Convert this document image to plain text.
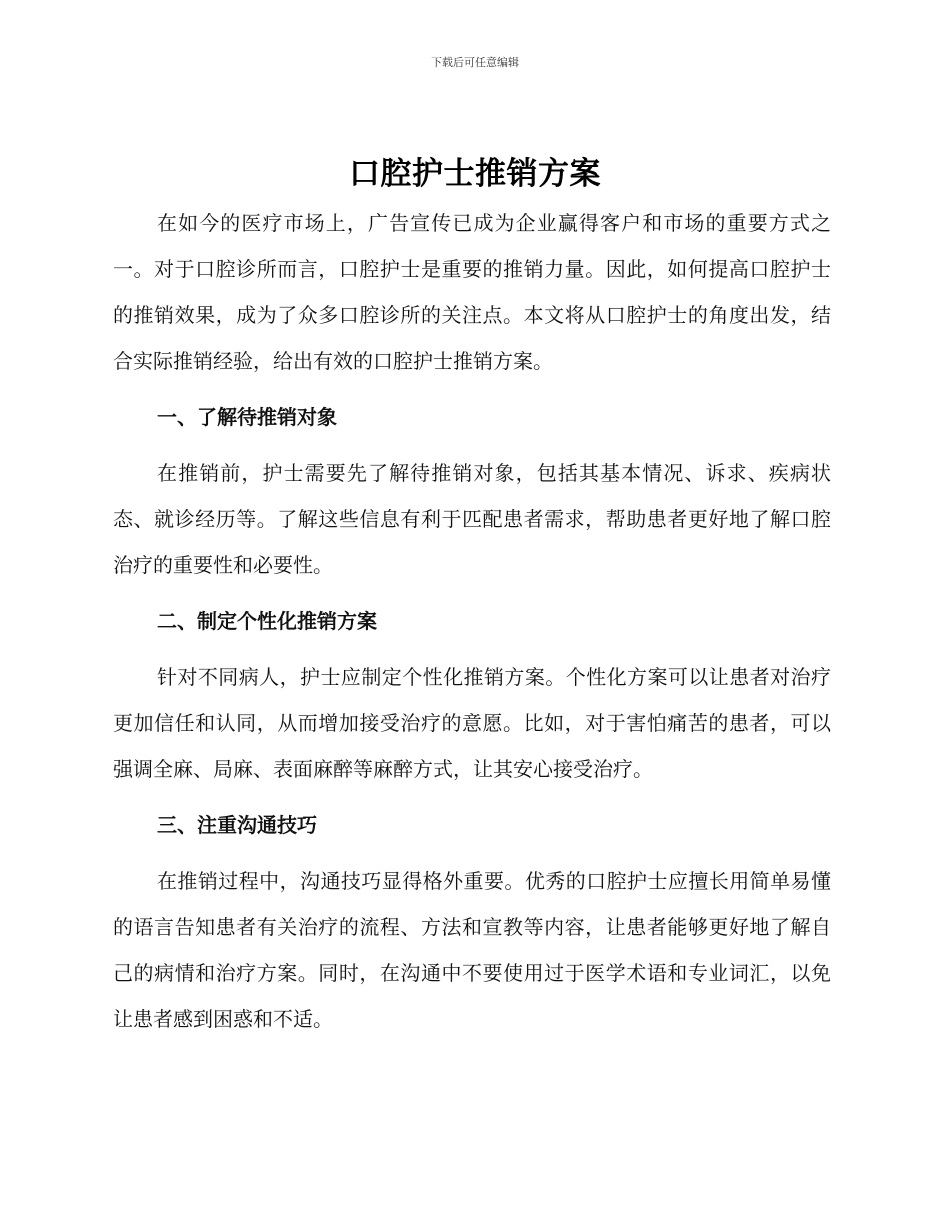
下载后可任意编辑
口腔护士推销方案

在如今的医疗市场上，广告宣传已成为企业赢得客户和市场的重要方式之一。对于口腔诊所而言，口腔护士是重要的推销力量。因此，如何提高口腔护士的推销效果，成为了众多口腔诊所的关注点。本文将从口腔护士的角度出发，结合实际推销经验，给出有效的口腔护士推销方案。

一、了解待推销对象

在推销前，护士需要先了解待推销对象，包括其基本情况、诉求、疾病状态、就诊经历等。了解这些信息有利于匹配患者需求，帮助患者更好地了解口腔治疗的重要性和必要性。

二、制定个性化推销方案

针对不同病人，护士应制定个性化推销方案。个性化方案可以让患者对治疗更加信任和认同，从而增加接受治疗的意愿。比如，对于害怕痛苦的患者，可以强调全麻、局麻、表面麻醉等麻醉方式，让其安心接受治疗。

三、注重沟通技巧

在推销过程中，沟通技巧显得格外重要。优秀的口腔护士应擅长用简单易懂的语言告知患者有关治疗的流程、方法和宣教等内容，让患者能够更好地了解自己的病情和治疗方案。同时，在沟通中不要使用过于医学术语和专业词汇，以免让患者感到困惑和不适。
